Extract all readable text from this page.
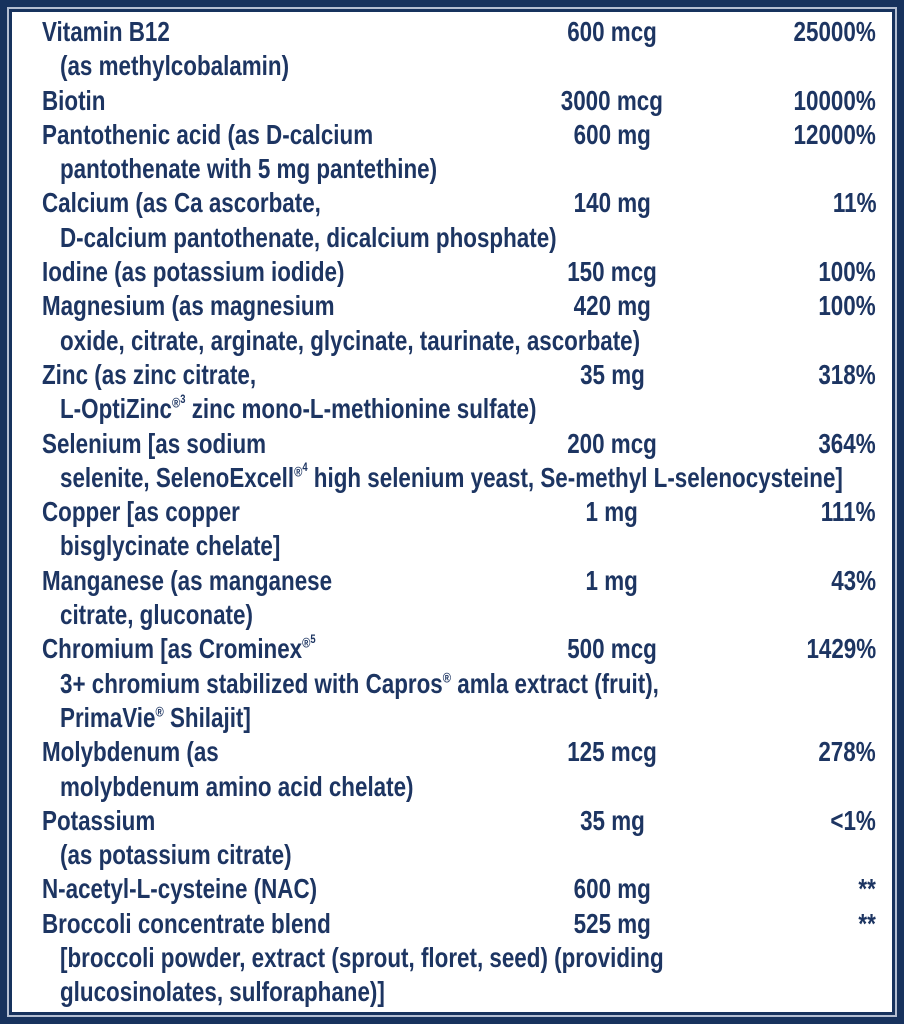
Vitamin B12	600 mcg	25000%
(as methylcobalamin)
Biotin	3000 mcg	10000%
Pantothenic acid (as D-calcium	600 mg	12000%
pantothenate with 5 mg pantethine)
Calcium (as Ca ascorbate,	140 mg	11%
D-calcium pantothenate, dicalcium phosphate)
Iodine (as potassium iodide)	150 mcg	100%
Magnesium (as magnesium	420 mg	100%
oxide, citrate, arginate, glycinate, taurinate, ascorbate)
Zinc (as zinc citrate,	35 mg	318%
L-OptiZinc$^{®3}$ zinc mono-L-methionine sulfate)
Selenium [as sodium	200 mcg	364%
selenite, SelenoExcell$^{®4}$ high selenium yeast, Se-methyl L-selenocysteine]
Copper [as copper	1 mg	111%
bisglycinate chelate]
Manganese (as manganese	1 mg	43%
citrate, gluconate)
Chromium [as Crominex$^{®5}$	500 mcg	1429%
3+ chromium stabilized with Capros® amla extract (fruit),
PrimaVie® Shilajit]
Molybdenum (as	125 mcg	278%
molybdenum amino acid chelate)
Potassium	35 mg	<1%
(as potassium citrate)
N-acetyl-L-cysteine (NAC)	600 mg	**
Broccoli concentrate blend	525 mg	**
[broccoli powder, extract (sprout, floret, seed) (providing
glucosinolates, sulforaphane)]
